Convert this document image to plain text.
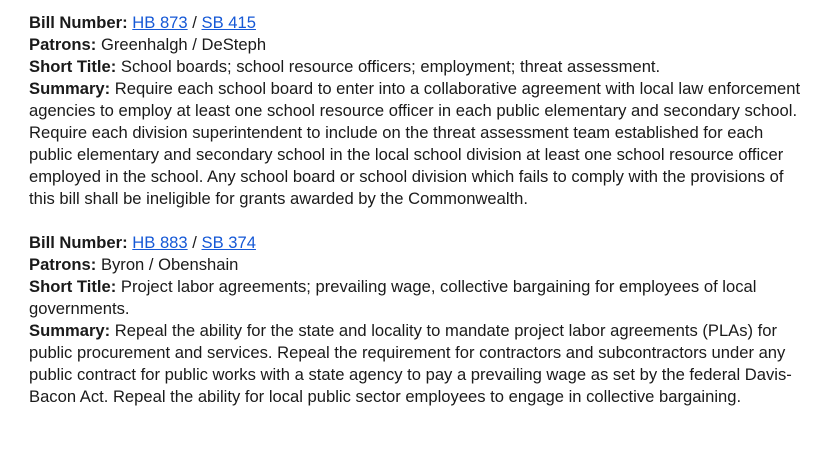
Bill Number: HB 873 / SB 415
Patrons: Greenhalgh / DeSteph
Short Title: School boards; school resource officers; employment; threat assessment.
Summary: Require each school board to enter into a collaborative agreement with local law enforcement agencies to employ at least one school resource officer in each public elementary and secondary school. Require each division superintendent to include on the threat assessment team established for each public elementary and secondary school in the local school division at least one school resource officer employed in the school. Any school board or school division which fails to comply with the provisions of this bill shall be ineligible for grants awarded by the Commonwealth.
Bill Number: HB 883 / SB 374
Patrons: Byron / Obenshain
Short Title: Project labor agreements; prevailing wage, collective bargaining for employees of local governments.
Summary: Repeal the ability for the state and locality to mandate project labor agreements (PLAs) for public procurement and services. Repeal the requirement for contractors and subcontractors under any public contract for public works with a state agency to pay a prevailing wage as set by the federal Davis-Bacon Act. Repeal the ability for local public sector employees to engage in collective bargaining.
